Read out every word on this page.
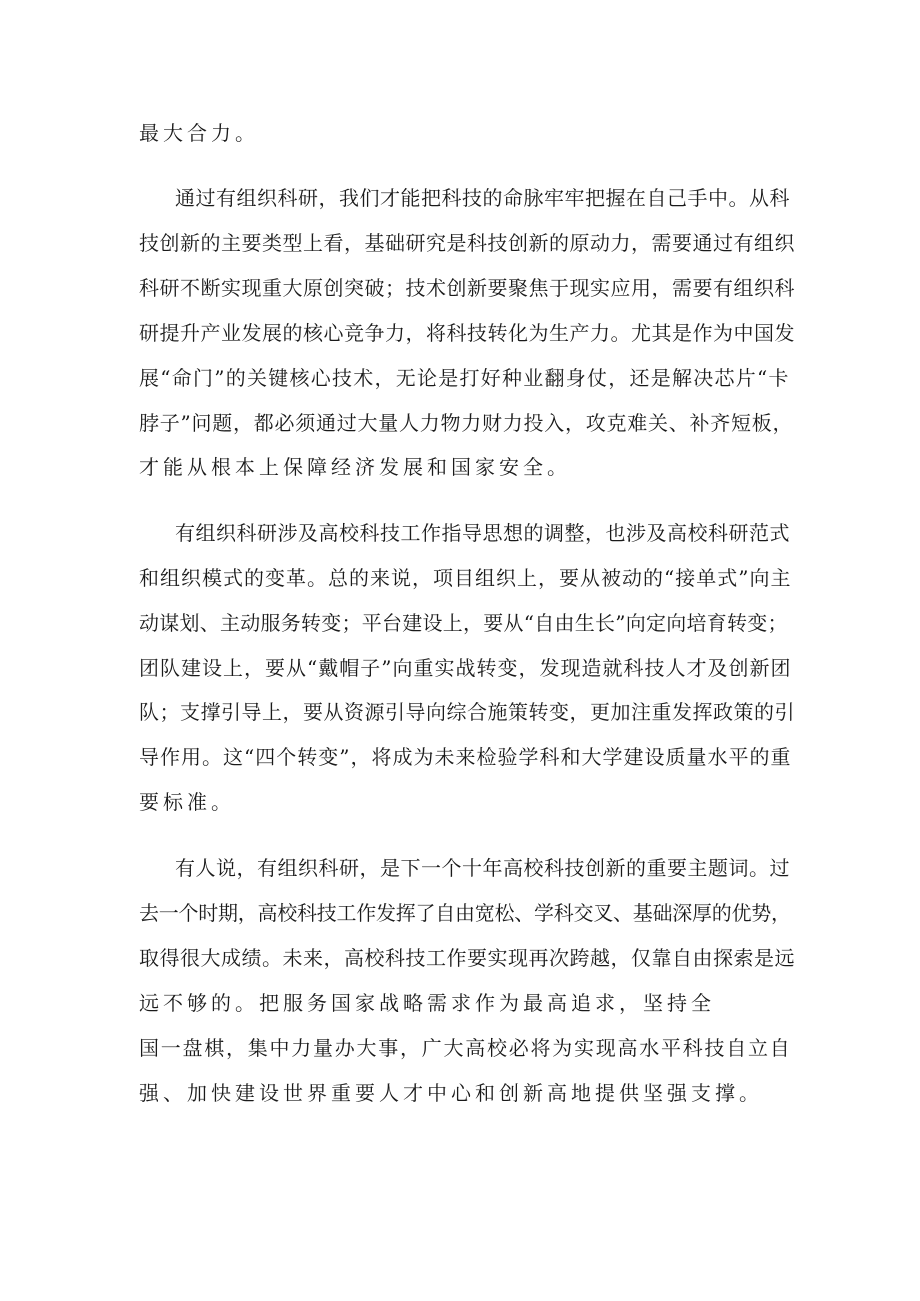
最大合力。

通过有组织科研，我们才能把科技的命脉牢牢把握在自己手中。从科

技创新的主要类型上看，基础研究是科技创新的原动力，需要通过有组织

科研不断实现重大原创突破；技术创新要聚焦于现实应用，需要有组织科

研提升产业发展的核心竞争力，将科技转化为生产力。尤其是作为中国发

展“命门”的关键核心技术，无论是打好种业翻身仗，还是解决芯片“卡

脖子”问题，都必须通过大量人力物力财力投入，攻克难关、补齐短板，

才能从根本上保障经济发展和国家安全。

有组织科研涉及高校科技工作指导思想的调整，也涉及高校科研范式

和组织模式的变革。总的来说，项目组织上，要从被动的“接单式”向主

动谋划、主动服务转变；平台建设上，要从“自由生长”向定向培育转变；

团队建设上，要从“戴帽子”向重实战转变，发现造就科技人才及创新团

队；支撑引导上，要从资源引导向综合施策转变，更加注重发挥政策的引

导作用。这“四个转变”，将成为未来检验学科和大学建设质量水平的重

要标准。

有人说，有组织科研，是下一个十年高校科技创新的重要主题词。过

去一个时期，高校科技工作发挥了自由宽松、学科交叉、基础深厚的优势，

取得很大成绩。未来，高校科技工作要实现再次跨越，仅靠自由探索是远

远不够的。把服务国家战略需求作为最高追求，坚持全

国一盘棋，集中力量办大事，广大高校必将为实现高水平科技自立自

强、加快建设世界重要人才中心和创新高地提供坚强支撑。
